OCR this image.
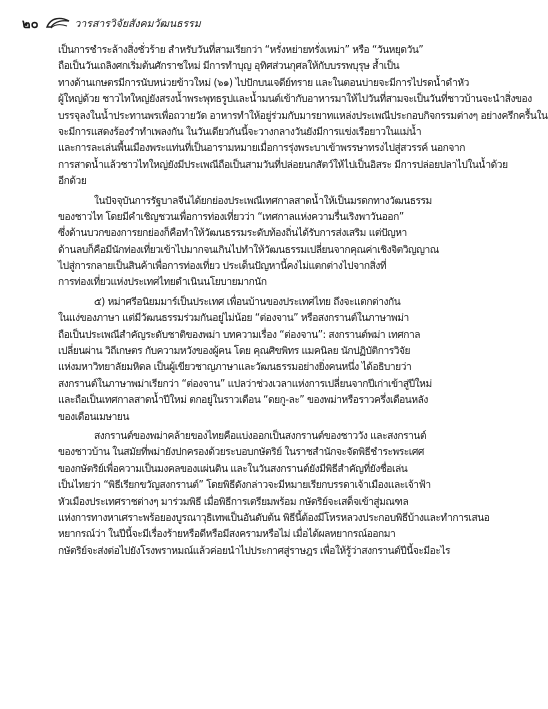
๒๐	วารสารวิจัยสังคมวัฒนธรรม
เป็นการชำระล้างสิ่งชั่วร้าย สำหรับวันที่สามเรียกว่า “หรั่งหย่ายทรั่งเหม่า” หรือ “วันหยุดวัน”
ถือเป็นวันเถลิงศกเริ่มต้นศักราชใหม่ มีการทำบุญ อุทิศส่วนกุศลให้กับบรรพบุรุษ ส้ำเป็น
ทางด้านเกษตรมีการนับหน่วยข้าวใหม่ (๖๑) ไปปักบนเจดีย์ทราย และในตอนบ่ายจะมีการไปรดน้ำดำหัว
ผู้ใหญ่ด้วย ชาวไทใหญ่ยังสรงน้ำพระพุทธรูปและน้ำมนต์เข้ากับอาหารมาให้ไปวันที่สามจะเป็นวันที่ชาวบ้านจะนำสิ่งของ
บรรจุลงในน้ำประทานพรเพื่อถวายวัด อาหารทำให้อยู่ร่วมกับมารยาทแหล่งประเพณีประกอบกิจกรรมต่างๆ อย่างครึกครื้นใน
จะมีการแสดงร้องรำทำเพลงกัน ในวันเดียวกันนี้จะวางกลางวันยังมีการแข่งเรือยาวในแม่น้ำ
และการละเล่นพื้นเมืองพระแท่นที่เป็นอารามหมายเมื่อการรุ่งพระบาเข้าพรรษาทรงไปสู่สวรรค์ นอกจาก
การสาดน้ำแล้วชาวไทใหญ่ยังมีประเพณีถือเป็นสามวันที่ปล่อยนกสัตว์ให้ไปเป็นอิสระ มีการปล่อยปลาไปในน้ำด้วย
อีกด้วย
ในปัจจุบันการรัฐบาลจีนได้ยกย่องประเพณีเทศกาลสาดน้ำให้เป็นมรดกทางวัฒนธรรม
ของชาวไท โดยมีคำเชิญชวนเพื่อการท่องเที่ยวว่า “เทศกาลแห่งความรื่นเริงพาวันออก”
ซึ่งด้านบวกของการยกย่องก็คือทำให้วัฒนธรรมระดับท้องถิ่นได้รับการส่งเสริม แต่ปัญหา
ด้านลบก็คือมีนักท่องเที่ยวเข้าไปมากจนเกินไปทำให้วัฒนธรรมเปลี่ยนจากคุณค่าเชิงจิตวิญญาณ
ไปสู่การกลายเป็นสินค้าเพื่อการท่องเที่ยว ประเด็นปัญหานี้คงไม่แตกต่างไปจากสิ่งที่
การท่องเที่ยวแห่งประเทศไทยดำเนินนโยบายมากนัก
๕) หม่าศรีอนิยมมาร์เป็นประเทศ เพื่อนบ้านของประเทศไทย ถึงจะแตกต่างกัน
ในแง่ของภาษา แต่มีวัฒนธรรมร่วมกันอยู่ไม่น้อย “ต่องจาน” หรือสงกรานต์ในภาษาพม่า
ถือเป็นประเพณีสำคัญระดับชาติของพม่า บทความเรื่อง “ต่องจาน”: สงกรานต์พม่า เทศกาล
เปลี่ยนผ่าน วิถีเกษตร กับความหวังของผู้คน โดย คุณศิขพิทร แมคนิลย นักปฏิบัติการวิจัย
แห่งมหาวิทยาลัยมหิดล เป็นผู้เขียวชาญภาษาและวัฒนธรรมอย่างยิ่งคนหนึ่ง ได้อธิบายว่า
สงกรานต์ในภาษาพม่าเรียกว่า “ต่องจาน” แปลว่าช่วงเวลาแห่งการเปลี่ยนจากปีเก่าเข้าสู่ปีใหม่
และถือเป็นเทศกาลสาดน้ำปีใหม่ ตกอยู่ในราวเดือน “ดยกู-ละ” ของพม่าหรือราวครึ่งเดือนหลัง
ของเดือนเมษายน
สงกรานต์ของพม่าคล้ายของไทยคือแบ่งออกเป็นสงกรานต์ของชาววัง และสงกรานต์
ของชาวบ้าน ในสมัยที่พม่ายังปกครองด้วยระบอบกษัตริย์ ในราชสำนักจะจัดพิธีชำระพระเศศ
ของกษัตริย์เพื่อความเป็นมงคลของแผ่นดิน และในวันสงกรานต์ยังมีพิธีสำคัญที่ยังชื่อเล่น
เป็นไทยว่า “พิธีเรียกขวัญสงกรานต์” โดยพิธีดังกล่าวจะมีหมายเรียกบรรดาเจ้าเมืองและเจ้าฟ้า
หัวเมืองประเทศราชต่างๆ มาร่วมพิธี เมื่อพิธีการเตรียมพร้อม กษัตริย์จะเสด็จเข้าสู่มณฑล
แห่งการทางหาเศราะพร้อยองบูรณาวุธิเทพเป็นอันดับต้น พิธีนี้ต้องมีโหรหลวงประกอบพิธีบ้างและทำการเสนอ
หยากรณ์ว่า ในปีนี้จะมีเรื่องร้ายหรือดีหรือมีสงครามหรือไม่ เมื่อได้ผลหยากรณ์ออกมา
กษัตริย์จะส่งต่อไปยังโรงพราหมณ์แล้วค่อยนำไปประกาศสู่ราษฎร เพื่อให้รู้ว่าสงกรานต์ปีนี้จะมีอะไร
